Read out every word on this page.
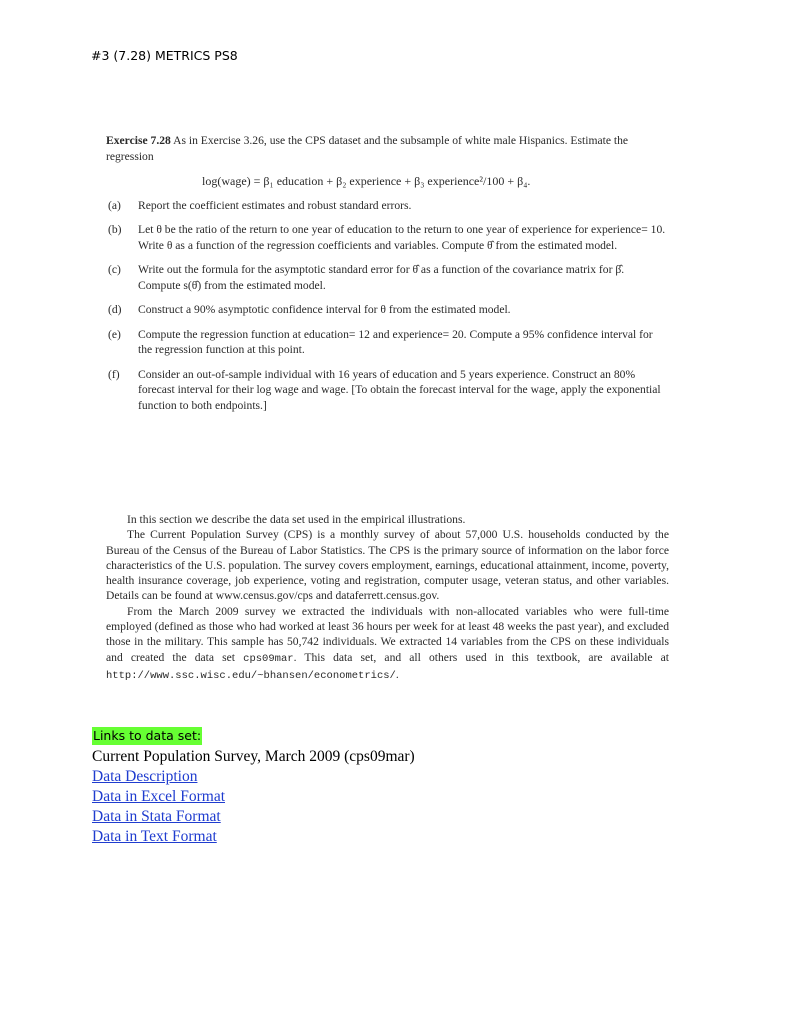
#3 (7.28) METRICS PS8

Exercise 7.28 As in Exercise 3.26, use the CPS dataset and the subsample of white male Hispanics. Estimate the regression

log(wage) = β₁ education + β₂ experience + β₃ experience²/100 + β₄.
(a)	Report the coefficient estimates and robust standard errors.
(b)	Let θ be the ratio of the return to one year of education to the return to one year of experience for experience= 10. Write θ as a function of the regression coefficients and variables. Compute θ̂ from the estimated model.
(c)	Write out the formula for the asymptotic standard error for θ̂ as a function of the covariance matrix for β̂. Compute s(θ̂) from the estimated model.
(d)	Construct a 90% asymptotic confidence interval for θ from the estimated model.
(e)	Compute the regression function at education= 12 and experience= 20. Compute a 95% confidence interval for the regression function at this point.
(f)	Consider an out-of-sample individual with 16 years of education and 5 years experience. Construct an 80% forecast interval for their log wage and wage. [To obtain the forecast interval for the wage, apply the exponential function to both endpoints.]

In this section we describe the data set used in the empirical illustrations.

The Current Population Survey (CPS) is a monthly survey of about 57,000 U.S. households conducted by the Bureau of the Census of the Bureau of Labor Statistics. The CPS is the primary source of information on the labor force characteristics of the U.S. population. The survey covers employment, earnings, educational attainment, income, poverty, health insurance coverage, job experience, voting and registration, computer usage, veteran status, and other variables. Details can be found at www.census.gov/cps and dataferrett.census.gov.

From the March 2009 survey we extracted the individuals with non-allocated variables who were full-time employed (defined as those who had worked at least 36 hours per week for at least 48 weeks the past year), and excluded those in the military. This sample has 50,742 individuals. We extracted 14 variables from the CPS on these individuals and created the data set cps09mar. This data set, and all others used in this textbook, are available at http://www.ssc.wisc.edu/~bhansen/econometrics/.

Links to data set:
Current Population Survey, March 2009 (cps09mar)
Data Description
Data in Excel Format
Data in Stata Format
Data in Text Format
